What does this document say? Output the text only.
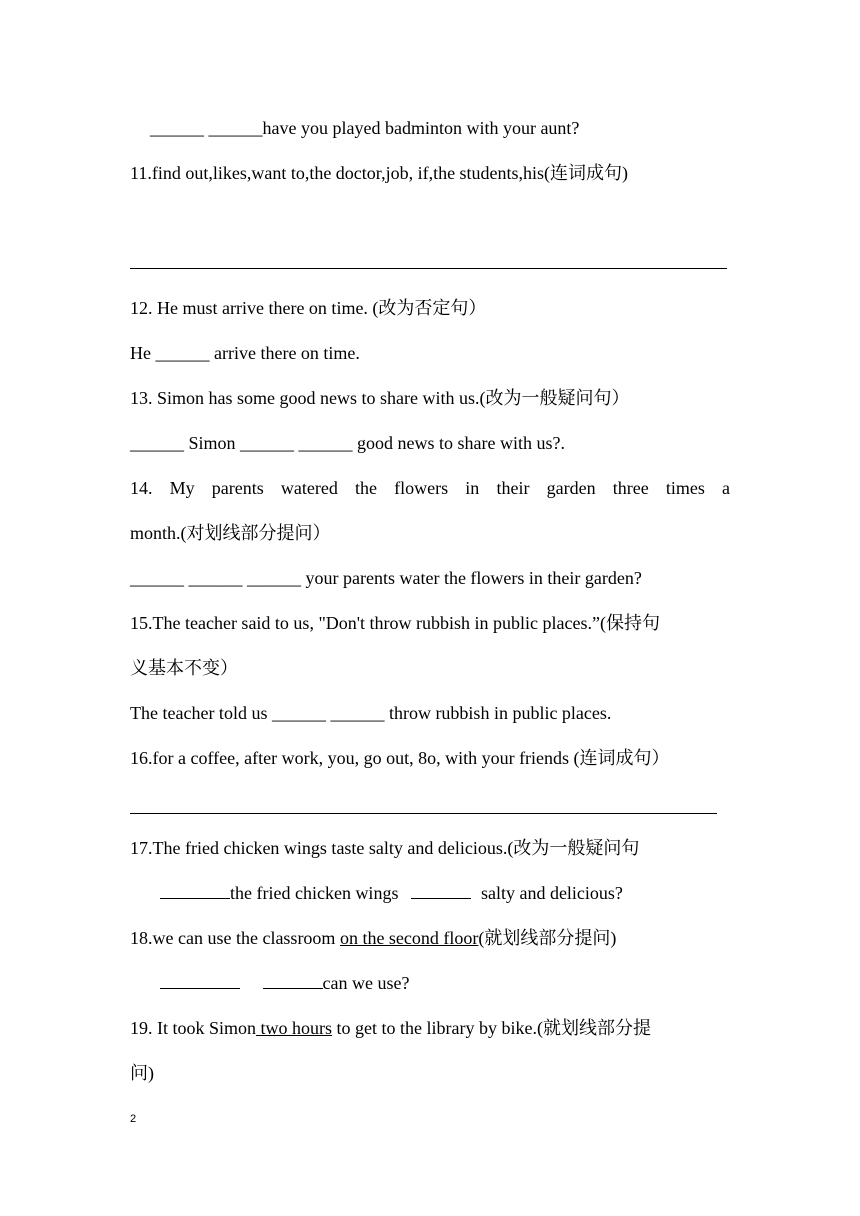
______ ______have you played badminton with your aunt?
11.find out,likes,want to,the doctor,job, if,the students,his(连词成句)
12. He must arrive there on time. (改为否定句）
He ______ arrive there on time.
13. Simon has some good news to share with us.(改为一般疑问句）
______ Simon ______ ______ good news to share with us?.
14. My parents watered the flowers in their garden three times a
month.(对划线部分提问）
______ ______ ______ your parents water the flowers in their garden?
15.The teacher said to us, "Don't throw rubbish in public places.”(保持句
义基本不变）
The teacher told us ______ ______ throw rubbish in public places.
16.for a coffee, after work, you, go out, 8o, with your friends (连词成句）
17.The fried chicken wings taste salty and delicious.(改为一般疑问句
the fried chicken wings	salty and delicious?
18.we can use the classroom on the second floor(就划线部分提问)
can we use?
19. It took Simon two hours to get to the library by bike.(就划线部分提
问)
2
